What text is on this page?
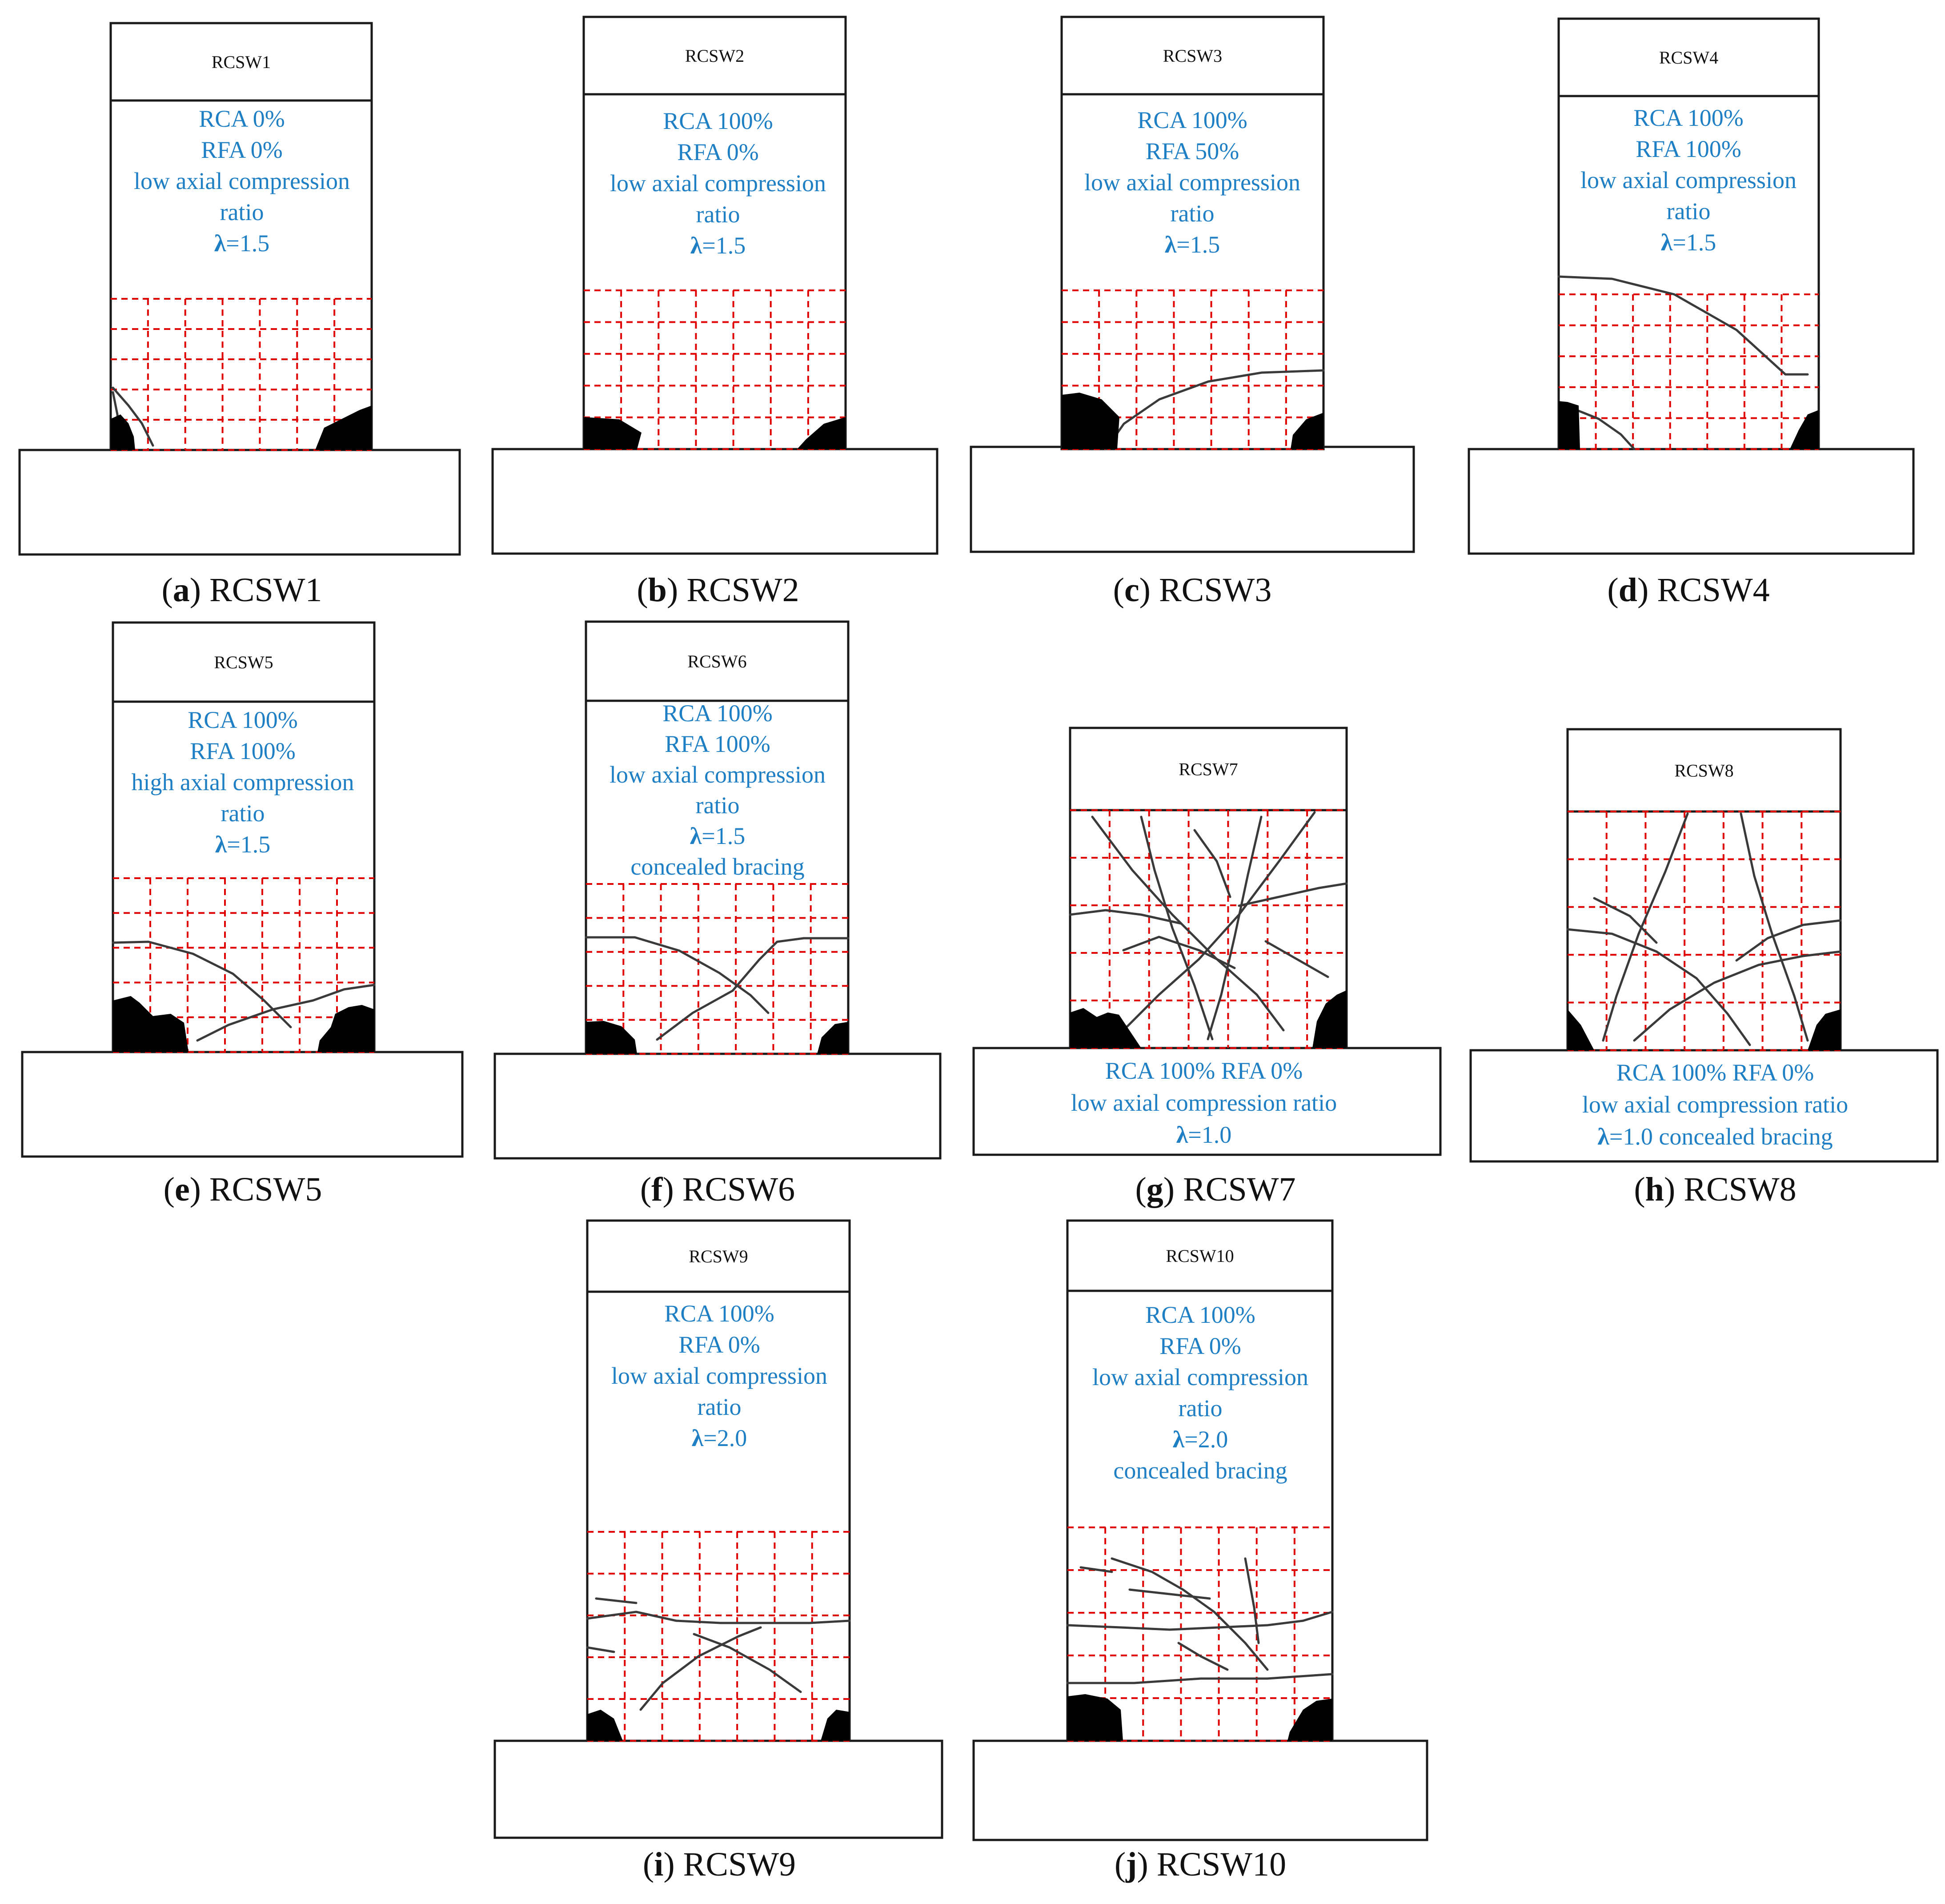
RCSW1
RCA 0% RFA 0% low axial compression ratio λ=1.5
(a) RCSW1
RCSW2
RCA 100% RFA 0% low axial compression ratio λ=1.5
(b) RCSW2
RCSW3
RCA 100% RFA 50% low axial compression ratio λ=1.5
(c) RCSW3
RCSW4
RCA 100% RFA 100% low axial compression ratio λ=1.5
(d) RCSW4
RCSW5
RCA 100% RFA 100% high axial compression ratio λ=1.5
(e) RCSW5
RCSW6
RCA 100% RFA 100% low axial compression ratio λ=1.5 concealed bracing
(f) RCSW6
RCSW7
RCA 100% RFA 0% low axial compression ratio λ=1.0
(g) RCSW7
RCSW8
RCA 100% RFA 0% low axial compression ratio λ=1.0 concealed bracing
(h) RCSW8
RCSW9
RCA 100% RFA 0% low axial compression ratio λ=2.0
(i) RCSW9
RCSW10
RCA 100% RFA 0% low axial compression ratio λ=2.0 concealed bracing
(j) RCSW10
